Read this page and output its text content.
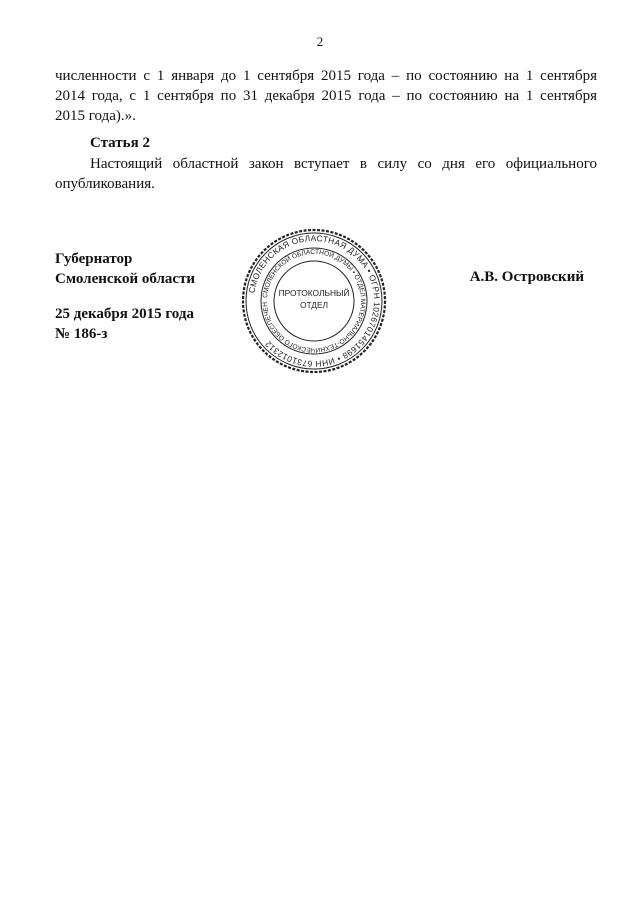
2
численности с 1 января до 1 сентября 2015 года – по состоянию на 1 сентября
2014 года, с 1 сентября по 31 декабря 2015 года – по состоянию на 1 сентября
2015 года).».
Статья 2
Настоящий областной закон вступает в силу со дня его официального
опубликования.
Губернатор
Смоленской области	А.В. Островский
25 декабря 2015 года
№ 186-з
СМОЛЕНСКАЯ ОБЛАСТНАЯ ДУМА • ОГРН 1026701451698 • ИНН 6731012312
СМОЛЕНСКОЙ ОБЛАСТНОЙ ДУМЫ • ОТДЕЛ МАТЕРИАЛЬНО-ТЕХНИЧЕСКОГО ОБЕСПЕЧЕН
ПРОТОКОЛЬНЫЙ
ОТДЕЛ
